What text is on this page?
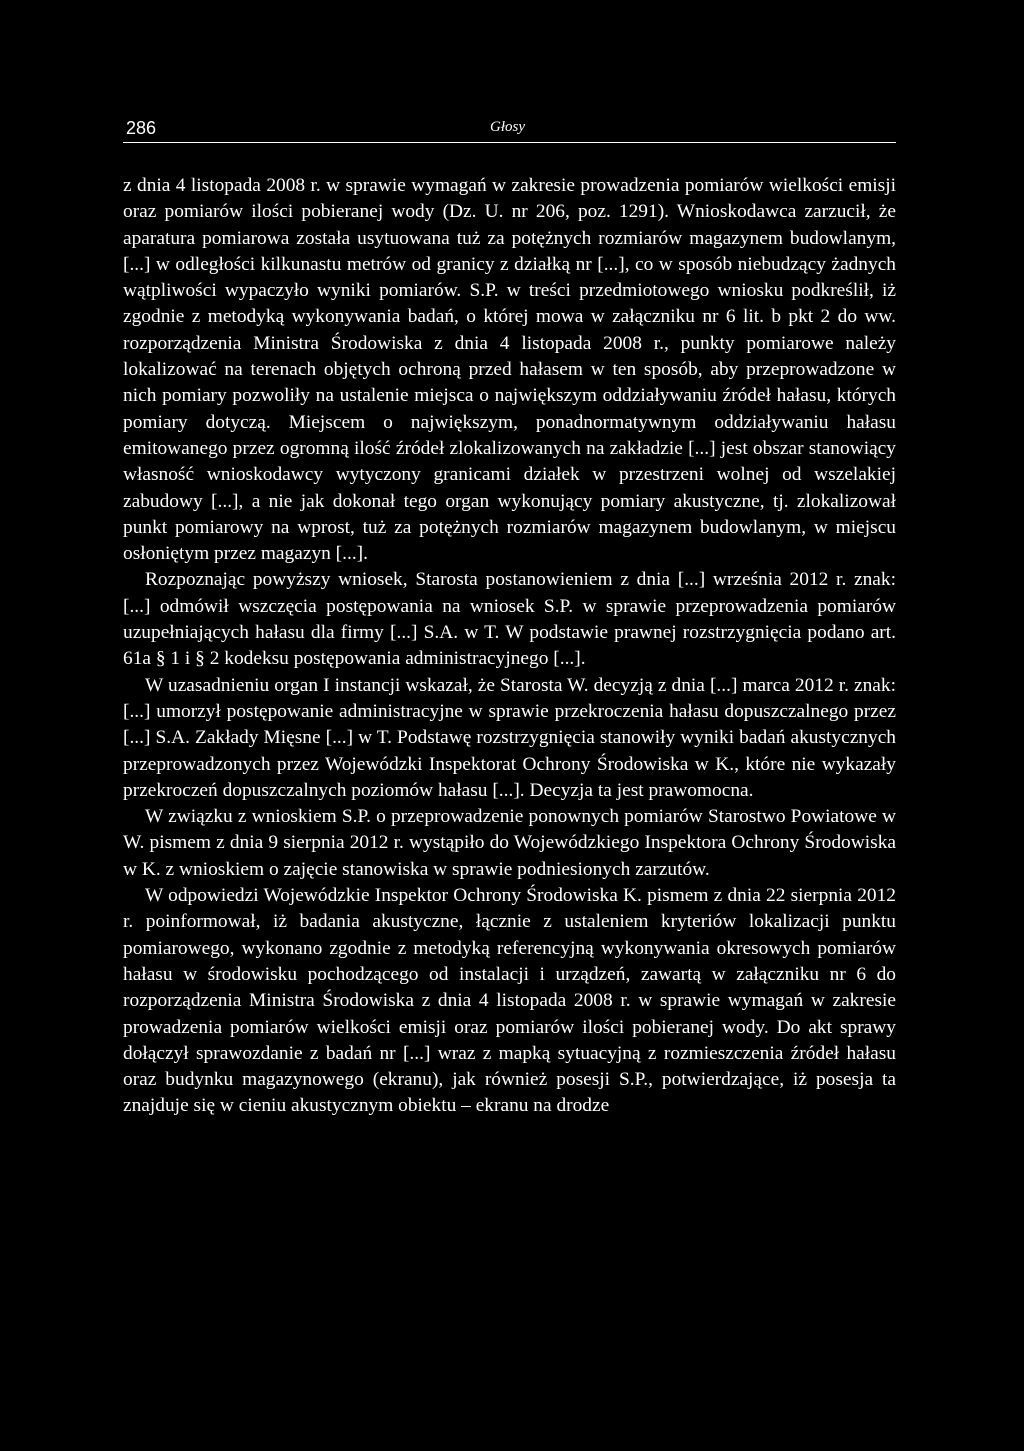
286	Głosy

z dnia 4 listopada 2008 r. w sprawie wymagań w zakresie prowadzenia pomiarów wielkości emisji oraz pomiarów ilości pobieranej wody (Dz. U. nr 206, poz. 1291). Wnioskodawca zarzucił, że aparatura pomiarowa została usytuowana tuż za potężnych rozmiarów magazynem budowlanym, [...] w odległości kilkunastu metrów od granicy z działką nr [...], co w sposób niebudzący żadnych wątpliwości wypaczyło wyniki pomiarów. S.P. w treści przedmiotowego wniosku podkreślił, iż zgodnie z metodyką wykonywania badań, o której mowa w załączniku nr 6 lit. b pkt 2 do ww. rozporządzenia Ministra Środowiska z dnia 4 listopada 2008 r., punkty pomiarowe należy lokalizować na terenach objętych ochroną przed hałasem w ten sposób, aby przeprowadzone w nich pomiary pozwoliły na ustalenie miejsca o największym oddziaływaniu źródeł hałasu, których pomiary dotyczą. Miejscem o największym, ponadnormatywnym oddziaływaniu hałasu emitowanego przez ogromną ilość źródeł zlokalizowanych na zakładzie [...] jest obszar stanowiący własność wnioskodawcy wytyczony granicami działek w przestrzeni wolnej od wszelakiej zabudowy [...], a nie jak dokonał tego organ wykonujący pomiary akustyczne, tj. zlokalizował punkt pomiarowy na wprost, tuż za potężnych rozmiarów magazynem budowlanym, w miejscu osłoniętym przez magazyn [...].

Rozpoznając powyższy wniosek, Starosta postanowieniem z dnia [...] września 2012 r. znak: [...] odmówił wszczęcia postępowania na wniosek S.P. w sprawie przeprowadzenia pomiarów uzupełniających hałasu dla firmy [...] S.A. w T. W podstawie prawnej rozstrzygnięcia podano art. 61a § 1 i § 2 kodeksu postępowania administracyjnego [...].

W uzasadnieniu organ I instancji wskazał, że Starosta W. decyzją z dnia [...] marca 2012 r. znak: [...] umorzył postępowanie administracyjne w sprawie przekroczenia hałasu dopuszczalnego przez [...] S.A. Zakłady Mięsne [...] w T. Podstawę rozstrzygnięcia stanowiły wyniki badań akustycznych przeprowadzonych przez Wojewódzki Inspektorat Ochrony Środowiska w K., które nie wykazały przekroczeń dopuszczalnych poziomów hałasu [...]. Decyzja ta jest prawomocna.

W związku z wnioskiem S.P. o przeprowadzenie ponownych pomiarów Starostwo Powiatowe w W. pismem z dnia 9 sierpnia 2012 r. wystąpiło do Wojewódzkiego Inspektora Ochrony Środowiska w K. z wnioskiem o zajęcie stanowiska w sprawie podniesionych zarzutów.

W odpowiedzi Wojewódzkie Inspektor Ochrony Środowiska K. pismem z dnia 22 sierpnia 2012 r. poinformował, iż badania akustyczne, łącznie z ustaleniem kryteriów lokalizacji punktu pomiarowego, wykonano zgodnie z metodyką referencyjną wykonywania okresowych pomiarów hałasu w środowisku pochodzącego od instalacji i urządzeń, zawartą w załączniku nr 6 do rozporządzenia Ministra Środowiska z dnia 4 listopada 2008 r. w sprawie wymagań w zakresie prowadzenia pomiarów wielkości emisji oraz pomiarów ilości pobieranej wody. Do akt sprawy dołączył sprawozdanie z badań nr [...] wraz z mapką sytuacyjną z rozmieszczenia źródeł hałasu oraz budynku magazynowego (ekranu), jak również posesji S.P., potwierdzające, iż posesja ta znajduje się w cieniu akustycznym obiektu – ekranu na drodze
